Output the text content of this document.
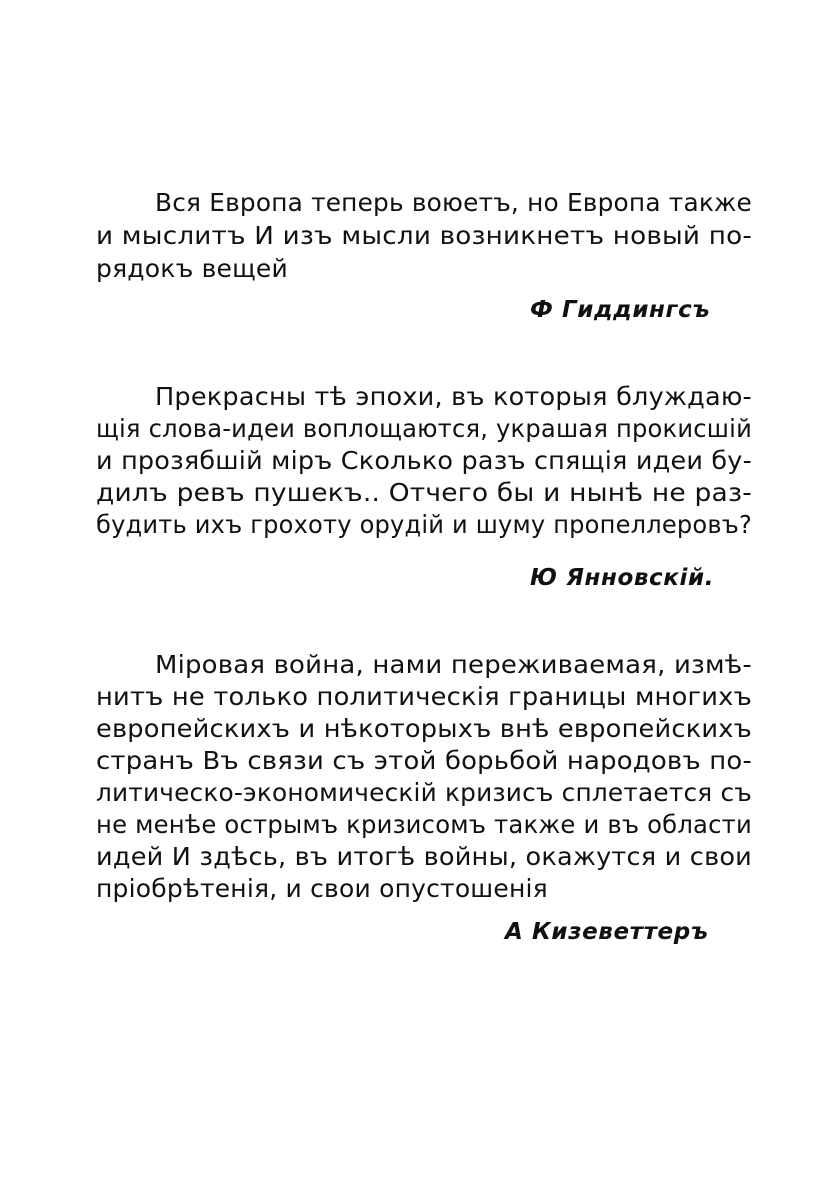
Вся Европа теперь воюетъ, но Европа также

и мыслитъ И изъ мысли возникнетъ новый по-

рядокъ вещей

Ф Гиддингсъ

Прекрасны тѣ эпохи, въ которыя блуждаю-

щія слова-идеи воплощаются, украшая прокисшій

и прозябшій міръ Сколько разъ спящія идеи бу-

дилъ ревъ пушекъ.. Отчего бы и нынѣ не раз-

будить ихъ грохоту орудій и шуму пропеллеровъ?

Ю Янновскій.

Міровая война, нами переживаемая, измѣ-

нитъ не только политическія границы многихъ

европейскихъ и нѣкоторыхъ внѣ европейскихъ

странъ Въ связи съ этой борьбой народовъ по-

литическо-экономическій кризисъ сплетается съ

не менѣе острымъ кризисомъ также и въ области

идей И здѣсь, въ итогѣ войны, окажутся и свои

пріобрѣтенія, и свои опустошенія

А Кизеветтеръ
